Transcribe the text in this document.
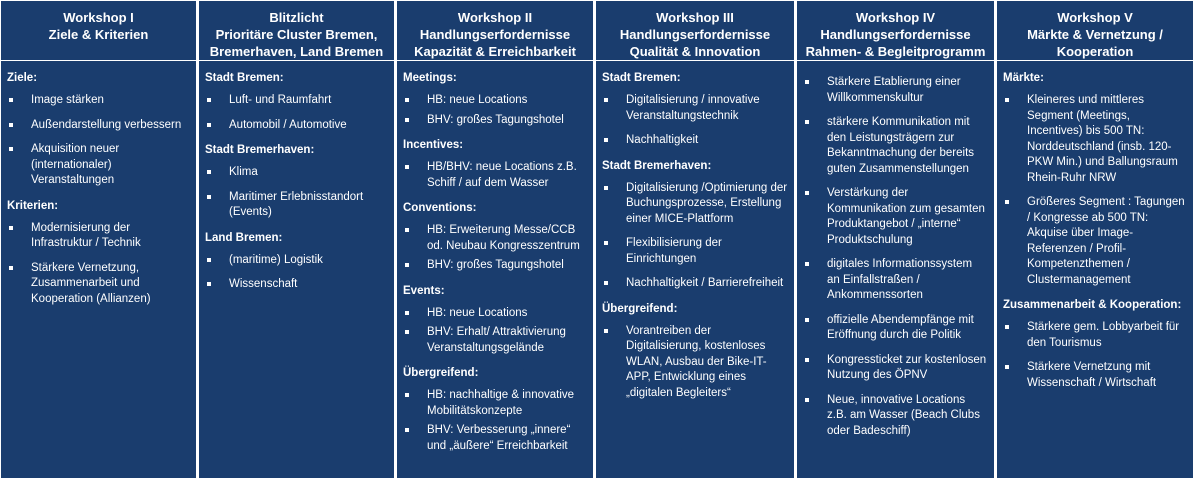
Workshop I
Ziele & Kriterien
Ziele:
Image stärken
Außendarstellung verbessern
Akquisition neuer (internationaler) Veranstaltungen
Kriterien:
Modernisierung der Infrastruktur / Technik
Stärkere Vernetzung, Zusammenarbeit und Kooperation (Allianzen)
Blitzlicht
Prioritäre Cluster Bremen, Bremerhaven, Land Bremen
Stadt Bremen:
Luft- und Raumfahrt
Automobil / Automotive
Stadt Bremerhaven:
Klima
Maritimer Erlebnisstandort (Events)
Land Bremen:
(maritime) Logistik
Wissenschaft
Workshop II
Handlungserfordernisse
Kapazität & Erreichbarkeit
Meetings:
HB: neue Locations
BHV: großes Tagungshotel
Incentives:
HB/BHV: neue Locations z.B. Schiff / auf dem Wasser
Conventions:
HB: Erweiterung Messe/CCB od. Neubau Kongresszentrum
BHV: großes Tagungshotel
Events:
HB: neue Locations
BHV: Erhalt/ Attraktivierung Veranstaltungsgelände
Übergreifend:
HB: nachhaltige & innovative Mobilitätskonzepte
BHV: Verbesserung „innere“ und „äußere“ Erreichbarkeit
Workshop III
Handlungserfordernisse
Qualität & Innovation
Stadt Bremen:
Digitalisierung / innovative Veranstaltungstechnik
Nachhaltigkeit
Stadt Bremerhaven:
Digitalisierung /Optimierung der Buchungsprozesse, Erstellung einer MICE-Plattform
Flexibilisierung der Einrichtungen
Nachhaltigkeit / Barrierefreiheit
Übergreifend:
Vorantreiben der Digitalisierung, kostenloses WLAN, Ausbau der Bike-IT-APP, Entwicklung eines „digitalen Begleiters“
Workshop IV
Handlungserfordernisse
Rahmen- & Begleitprogramm
Stärkere Etablierung einer Willkommenskultur
stärkere Kommunikation mit den Leistungsträgern zur Bekanntmachung der bereits guten Zusammenstellungen
Verstärkung der Kommunikation zum gesamten Produktangebot / „interne“ Produktschulung
digitales Informationssystem an Einfallstraßen / Ankommenssorten
offizielle Abendempfänge mit Eröffnung durch die Politik
Kongressticket zur kostenlosen Nutzung des ÖPNV
Neue, innovative Locations z.B. am Wasser (Beach Clubs oder Badeschiff)
Workshop V
Märkte & Vernetzung /
Kooperation
Märkte:
Kleineres und mittleres Segment (Meetings, Incentives) bis 500 TN: Norddeutschland (insb. 120-PKW Min.) und Ballungsraum Rhein-Ruhr NRW
Größeres Segment : Tagungen / Kongresse ab 500 TN: Akquise über Image-Referenzen / Profil-Kompetenzthemen / Clustermanagement
Zusammenarbeit & Kooperation:
Stärkere gem. Lobbyarbeit für den Tourismus
Stärkere Vernetzung mit Wissenschaft / Wirtschaft
